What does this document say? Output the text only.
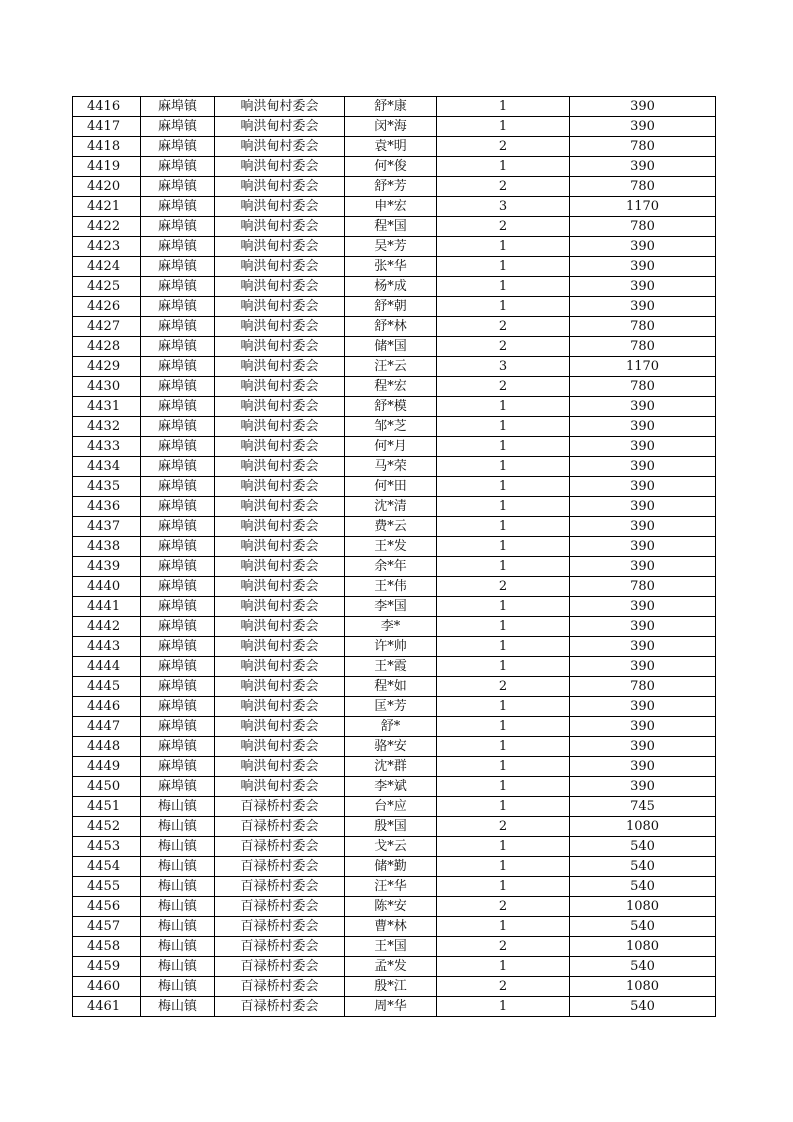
4416	麻埠镇	响洪甸村委会	舒*康	1	390
4417	麻埠镇	响洪甸村委会	闵*海	1	390
4418	麻埠镇	响洪甸村委会	袁*明	2	780
4419	麻埠镇	响洪甸村委会	何*俊	1	390
4420	麻埠镇	响洪甸村委会	舒*芳	2	780
4421	麻埠镇	响洪甸村委会	申*宏	3	1170
4422	麻埠镇	响洪甸村委会	程*国	2	780
4423	麻埠镇	响洪甸村委会	吴*芳	1	390
4424	麻埠镇	响洪甸村委会	张*华	1	390
4425	麻埠镇	响洪甸村委会	杨*成	1	390
4426	麻埠镇	响洪甸村委会	舒*朝	1	390
4427	麻埠镇	响洪甸村委会	舒*林	2	780
4428	麻埠镇	响洪甸村委会	储*国	2	780
4429	麻埠镇	响洪甸村委会	汪*云	3	1170
4430	麻埠镇	响洪甸村委会	程*宏	2	780
4431	麻埠镇	响洪甸村委会	舒*模	1	390
4432	麻埠镇	响洪甸村委会	邹*芝	1	390
4433	麻埠镇	响洪甸村委会	何*月	1	390
4434	麻埠镇	响洪甸村委会	马*荣	1	390
4435	麻埠镇	响洪甸村委会	何*田	1	390
4436	麻埠镇	响洪甸村委会	沈*清	1	390
4437	麻埠镇	响洪甸村委会	费*云	1	390
4438	麻埠镇	响洪甸村委会	王*发	1	390
4439	麻埠镇	响洪甸村委会	余*年	1	390
4440	麻埠镇	响洪甸村委会	王*伟	2	780
4441	麻埠镇	响洪甸村委会	李*国	1	390
4442	麻埠镇	响洪甸村委会	李*	1	390
4443	麻埠镇	响洪甸村委会	许*帅	1	390
4444	麻埠镇	响洪甸村委会	王*霞	1	390
4445	麻埠镇	响洪甸村委会	程*如	2	780
4446	麻埠镇	响洪甸村委会	匡*芳	1	390
4447	麻埠镇	响洪甸村委会	舒*	1	390
4448	麻埠镇	响洪甸村委会	骆*安	1	390
4449	麻埠镇	响洪甸村委会	沈*群	1	390
4450	麻埠镇	响洪甸村委会	李*斌	1	390
4451	梅山镇	百禄桥村委会	台*应	1	745
4452	梅山镇	百禄桥村委会	殷*国	2	1080
4453	梅山镇	百禄桥村委会	戈*云	1	540
4454	梅山镇	百禄桥村委会	储*勤	1	540
4455	梅山镇	百禄桥村委会	汪*华	1	540
4456	梅山镇	百禄桥村委会	陈*安	2	1080
4457	梅山镇	百禄桥村委会	曹*林	1	540
4458	梅山镇	百禄桥村委会	王*国	2	1080
4459	梅山镇	百禄桥村委会	孟*发	1	540
4460	梅山镇	百禄桥村委会	殷*江	2	1080
4461	梅山镇	百禄桥村委会	周*华	1	540
